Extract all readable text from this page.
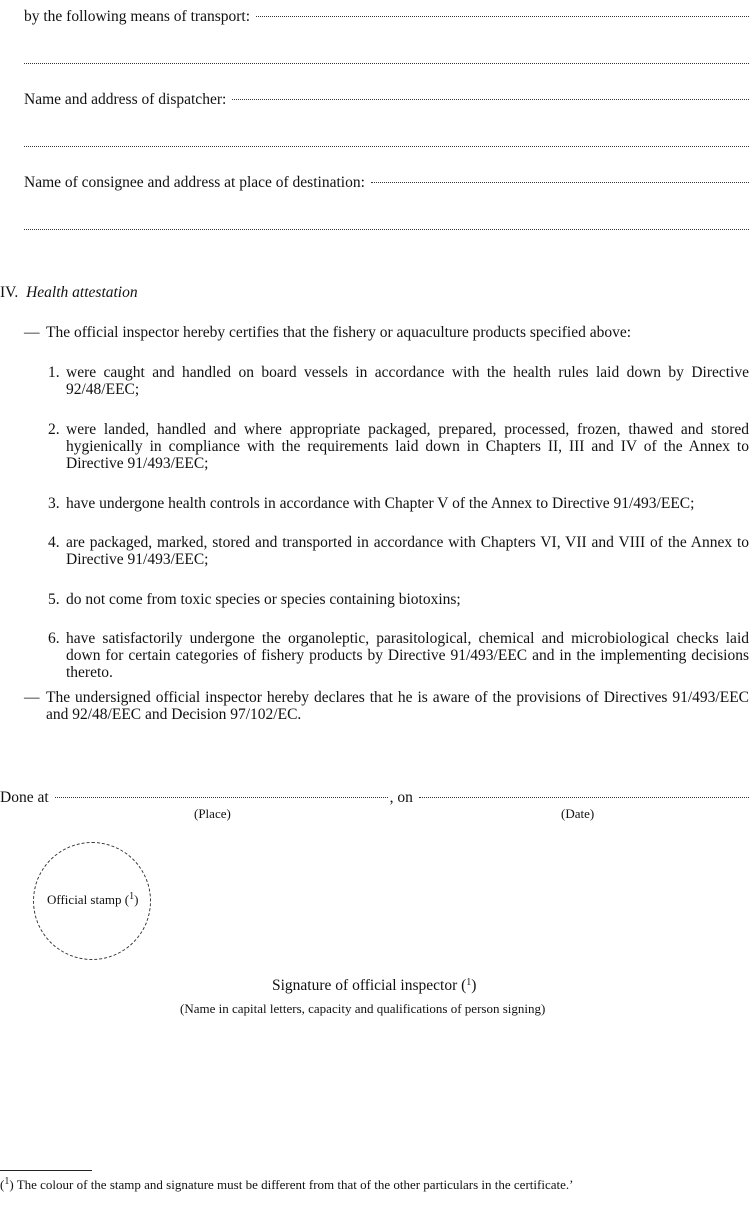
by the following means of transport:
Name and address of dispatcher:
Name of consignee and address at place of destination:
IV. Health attestation
— The official inspector hereby certifies that the fishery or aquaculture products specified above:
1. were caught and handled on board vessels in accordance with the health rules laid down by Directive 92/48/EEC;
2. were landed, handled and where appropriate packaged, prepared, processed, frozen, thawed and stored hygienically in compliance with the requirements laid down in Chapters II, III and IV of the Annex to Directive 91/493/EEC;
3. have undergone health controls in accordance with Chapter V of the Annex to Directive 91/493/EEC;
4. are packaged, marked, stored and transported in accordance with Chapters VI, VII and VIII of the Annex to Directive 91/493/EEC;
5. do not come from toxic species or species containing biotoxins;
6. have satisfactorily undergone the organoleptic, parasitological, chemical and microbiological checks laid down for certain categories of fishery products by Directive 91/493/EEC and in the implementing decisions thereto.
— The undersigned official inspector hereby declares that he is aware of the provisions of Directives 91/493/EEC and 92/48/EEC and Decision 97/102/EC.
Done at	, on
(Place)	(Date)
Official stamp ($^1$)
Signature of official inspector ($^1$)
(Name in capital letters, capacity and qualifications of person signing)
($^1$) The colour of the stamp and signature must be different from that of the other particulars in the certificate.’
